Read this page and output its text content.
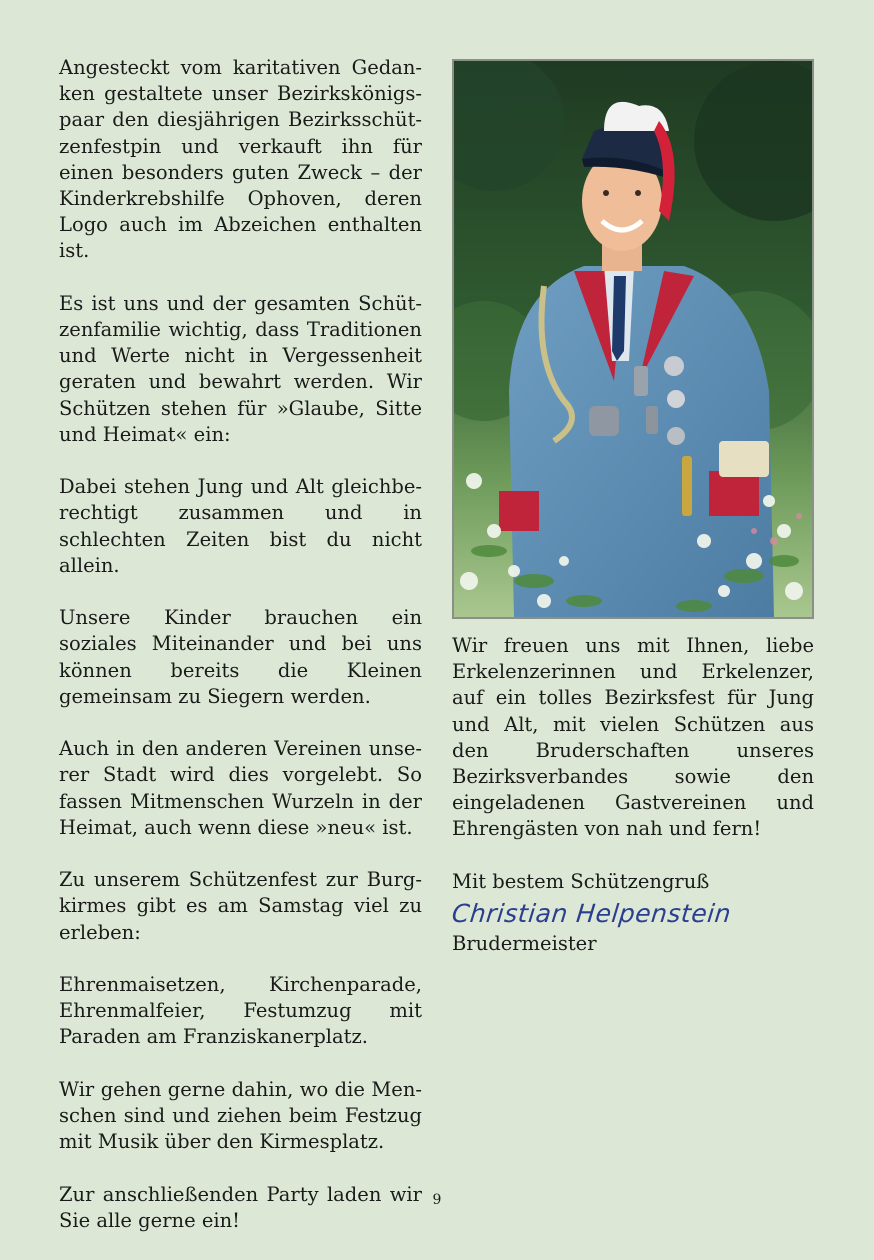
Angesteckt vom karitativen Gedanken gestaltete unser Bezirkskönigspaar den diesjährigen Bezirksschützenfestpin und verkauft ihn für einen besonders guten Zweck – der Kinderkrebshilfe Ophoven, deren Logo auch im Abzeichen enthalten ist.

Es ist uns und der gesamten Schützenfamilie wichtig, dass Traditionen und Werte nicht in Vergessenheit geraten und bewahrt werden. Wir Schützen stehen für »Glaube, Sitte und Heimat« ein:

Dabei stehen Jung und Alt gleichberechtigt zusammen und in schlechten Zeiten bist du nicht allein.

Unsere Kinder brauchen ein soziales Miteinander und bei uns können bereits die Kleinen gemeinsam zu Siegern werden.

Auch in den anderen Vereinen unserer Stadt wird dies vorgelebt. So fassen Mitmenschen Wurzeln in der Heimat, auch wenn diese »neu« ist.

Zu unserem Schützenfest zur Burgkirmes gibt es am Samstag viel zu erleben:

Ehrenmaisetzen, Kirchenparade, Ehrenmalfeier, Festumzug mit Paraden am Franziskanerplatz.

Wir gehen gerne dahin, wo die Menschen sind und ziehen beim Festzug mit Musik über den Kirmesplatz.

Zur anschließenden Party laden wir Sie alle gerne ein!

Wir freuen uns mit Ihnen, liebe Erkelenzerinnen und Erkelenzer, auf ein tolles Bezirksfest für Jung und Alt, mit vielen Schützen aus den Bruderschaften unseres Bezirksverbandes sowie den eingeladenen Gastvereinen und Ehrengästen von nah und fern!

Mit bestem Schützengruß

Christian Helpenstein
Brudermeister
9
